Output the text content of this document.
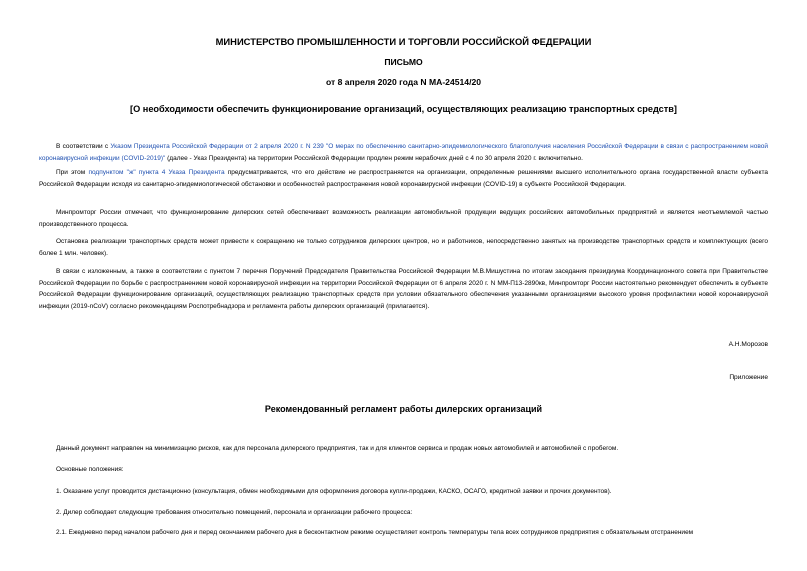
МИНИСТЕРСТВО ПРОМЫШЛЕННОСТИ И ТОРГОВЛИ РОССИЙСКОЙ ФЕДЕРАЦИИ
ПИСЬМО
от 8 апреля 2020 года N МА-24514/20
[О необходимости обеспечить функционирование организаций, осуществляющих реализацию транспортных средств]

В соответствии с Указом Президента Российской Федерации от 2 апреля 2020 г. N 239 "О мерах по обеспечению санитарно-эпидемиологического благополучия населения Российской Федерации в связи с распространением новой коронавирусной инфекции (COVID-2019)" (далее - Указ Президента) на территории Российской Федерации продлен режим нерабочих дней с 4 по 30 апреля 2020 г. включительно.

При этом подпунктом "ж" пункта 4 Указа Президента предусматривается, что его действие не распространяется на организации, определенные решениями высшего исполнительного органа государственной власти субъекта Российской Федерации исходя из санитарно-эпидемиологической обстановки и особенностей распространения новой коронавирусной инфекции (COVID-19) в субъекте Российской Федерации.

Минпромторг России отмечает, что функционирование дилерских сетей обеспечивает возможность реализации автомобильной продукции ведущих российских автомобильных предприятий и является неотъемлемой частью производственного процесса.

Остановка реализации транспортных средств может привести к сокращению не только сотрудников дилерских центров, но и работников, непосредственно занятых на производстве транспортных средств и комплектующих (всего более 1 млн. человек).

В связи с изложенным, а также в соответствии с пунктом 7 перечня Поручений Председателя Правительства Российской Федерации М.В.Мишустина по итогам заседания президиума Координационного совета при Правительстве Российской Федерации по борьбе с распространением новой коронавирусной инфекции на территории Российской Федерации от 6 апреля 2020 г. N ММ-П13-2890кв, Минпромторг России настоятельно рекомендует обеспечить в субъекте Российской Федерации функционирование организаций, осуществляющих реализацию транспортных средств при условии обязательного обеспечения указанными организациями высокого уровня профилактики новой коронавирусной инфекции (2019-nCoV) согласно рекомендациям Роспотребнадзора и регламента работы дилерских организаций (прилагается).

А.Н.Морозов
Приложение
Рекомендованный регламент работы дилерских организаций

Данный документ направлен на минимизацию рисков, как для персонала дилерского предприятия, так и для клиентов сервиса и продаж новых автомобилей и автомобилей с пробегом.

Основные положения:

1. Оказание услуг проводится дистанционно (консультация, обмен необходимыми для оформления договора купли-продажи, КАСКО, ОСАГО, кредитной заявки и прочих документов).

2. Дилер соблюдает следующие требования относительно помещений, персонала и организации рабочего процесса:

2.1. Ежедневно перед началом рабочего дня и перед окончанием рабочего дня в бесконтактном режиме осуществляет контроль температуры тела всех сотрудников предприятия с обязательным отстранением
